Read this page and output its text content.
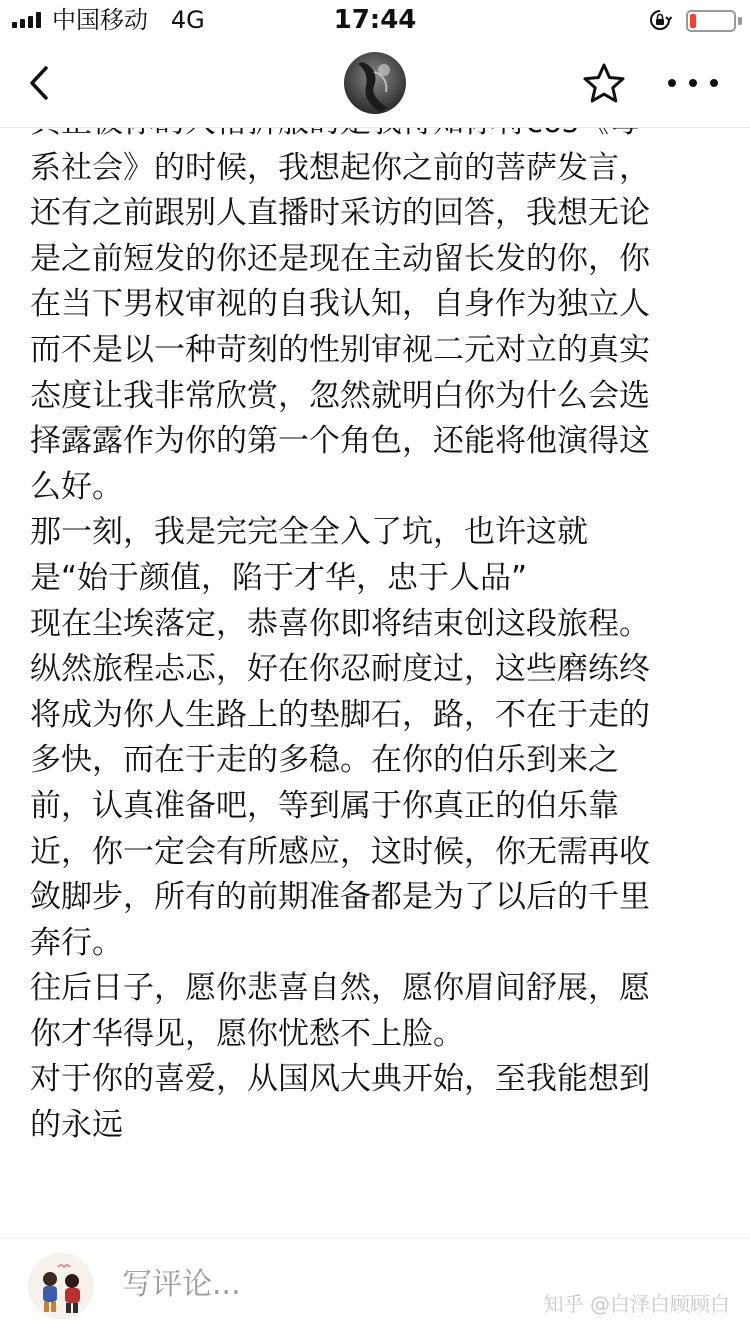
中国移动 4G	17:44
系社会》的时候，我想起你之前的菩萨发言，
还有之前跟别人直播时采访的回答，我想无论
是之前短发的你还是现在主动留长发的你，你
在当下男权审视的自我认知，自身作为独立人
而不是以一种苛刻的性别审视二元对立的真实
态度让我非常欣赏，忽然就明白你为什么会选
择露露作为你的第一个角色，还能将他演得这
么好。
那一刻，我是完完全全入了坑，也许这就
是“始于颜值，陷于才华，忠于人品”
现在尘埃落定，恭喜你即将结束创这段旅程。
纵然旅程忐忑，好在你忍耐度过，这些磨练终
将成为你人生路上的垫脚石，路，不在于走的
多快，而在于走的多稳。在你的伯乐到来之
前，认真准备吧，等到属于你真正的伯乐靠
近，你一定会有所感应，这时候，你无需再收
敛脚步，所有的前期准备都是为了以后的千里
奔行。
往后日子，愿你悲喜自然，愿你眉间舒展，愿
你才华得见，愿你忧愁不上脸。
对于你的喜爱，从国风大典开始，至我能想到
的永远
写评论...
知乎 @白泽白顾顾白
